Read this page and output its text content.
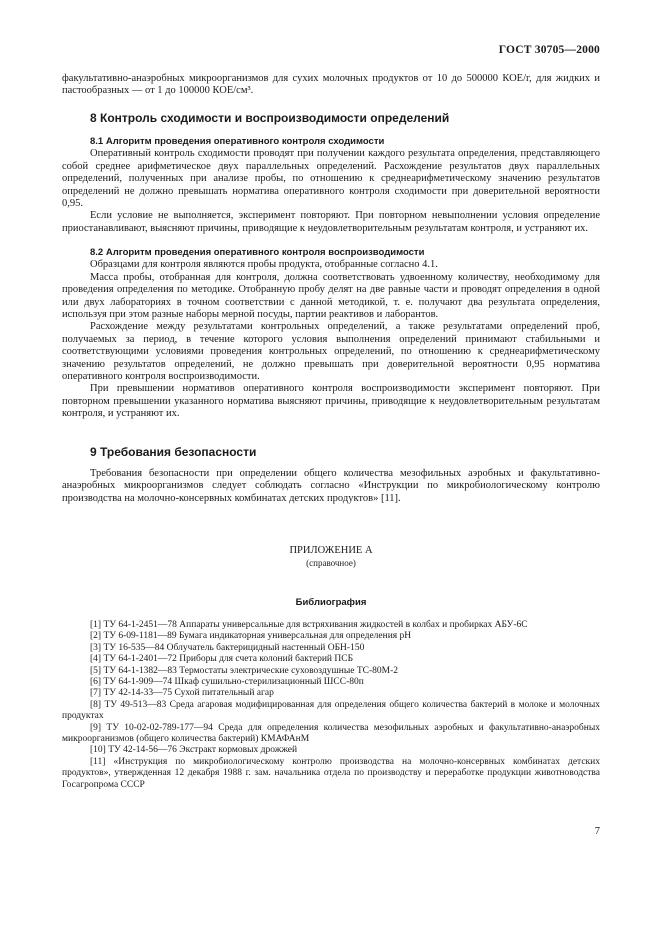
ГОСТ 30705—2000

факультативно-анаэробных микроорганизмов для сухих молочных продуктов от 10 до 500000 КОЕ/г, для жидких и пастообразных — от 1 до 100000 КОЕ/см³.

8 Контроль сходимости и воспроизводимости определений
8.1 Алгоритм проведения оперативного контроля сходимости

Оперативный контроль сходимости проводят при получении каждого результата определения, представляющего собой среднее арифметическое двух параллельных определений. Расхождение результатов двух параллельных определений, полученных при анализе пробы, по отношению к среднеарифметическому значению результатов определений не должно превышать норматива оперативного контроля сходимости при доверительной вероятности 0,95.

Если условие не выполняется, эксперимент повторяют. При повторном невыполнении условия определение приостанавливают, выясняют причины, приводящие к неудовлетворительным результатам контроля, и устраняют их.

8.2 Алгоритм проведения оперативного контроля воспроизводимости

Образцами для контроля являются пробы продукта, отобранные согласно 4.1.

Масса пробы, отобранная для контроля, должна соответствовать удвоенному количеству, необходимому для проведения определения по методике. Отобранную пробу делят на две равные части и проводят определения в одной или двух лабораториях в точном соответствии с данной методикой, т. е. получают два результата определения, используя при этом разные наборы мерной посуды, партии реактивов и лаборантов.

Расхождение между результатами контрольных определений, а также результатами определений проб, получаемых за период, в течение которого условия выполнения определений принимают стабильными и соответствующими условиями проведения контрольных определений, по отношению к среднеарифметическому значению результатов определений, не должно превышать при доверительной вероятности 0,95 норматива оперативного контроля воспроизводимости.

При превышении нормативов оперативного контроля воспроизводимости эксперимент повторяют. При повторном превышении указанного норматива выясняют причины, приводящие к неудовлетворительным результатам контроля, и устраняют их.

9 Требования безопасности

Требования безопасности при определении общего количества мезофильных аэробных и факультативно-анаэробных микроорганизмов следует соблюдать согласно «Инструкции по микробиологическому контролю производства на молочно-консервных комбинатах детских продуктов» [11].

ПРИЛОЖЕНИЕ А
(справочное)
Библиография

[1] ТУ 64-1-2451—78 Аппараты универсальные для встряхивания жидкостей в колбах и пробирках АБУ-6С

[2] ТУ 6-09-1181—89 Бумага индикаторная универсальная для определения pH

[3] ТУ 16-535—84 Облучатель бактерицидный настенный ОБН-150

[4] ТУ 64-1-2401—72 Приборы для счета колоний бактерий ПСБ

[5] ТУ 64-1-1382—83 Термостаты электрические суховоздушные ТС-80М-2

[6] ТУ 64-1-909—74 Шкаф сушильно-стерилизационный ШСС-80п

[7] ТУ 42-14-33—75 Сухой питательный агар

[8] ТУ 49-513—83 Среда агаровая модифицированная для определения общего количества бактерий в молоке и молочных продуктах

[9] ТУ 10-02-02-789-177—94 Среда для определения количества мезофильных аэробных и факультативно-анаэробных микроорганизмов (общего количества бактерий) КМАФАнМ

[10] ТУ 42-14-56—76 Экстракт кормовых дрожжей

[11] «Инструкция по микробиологическому контролю производства на молочно-консервных комбинатах детских продуктов», утвержденная 12 декабря 1988 г. зам. начальника отдела по производству и переработке продукции животноводства Госагропрома СССР

7
